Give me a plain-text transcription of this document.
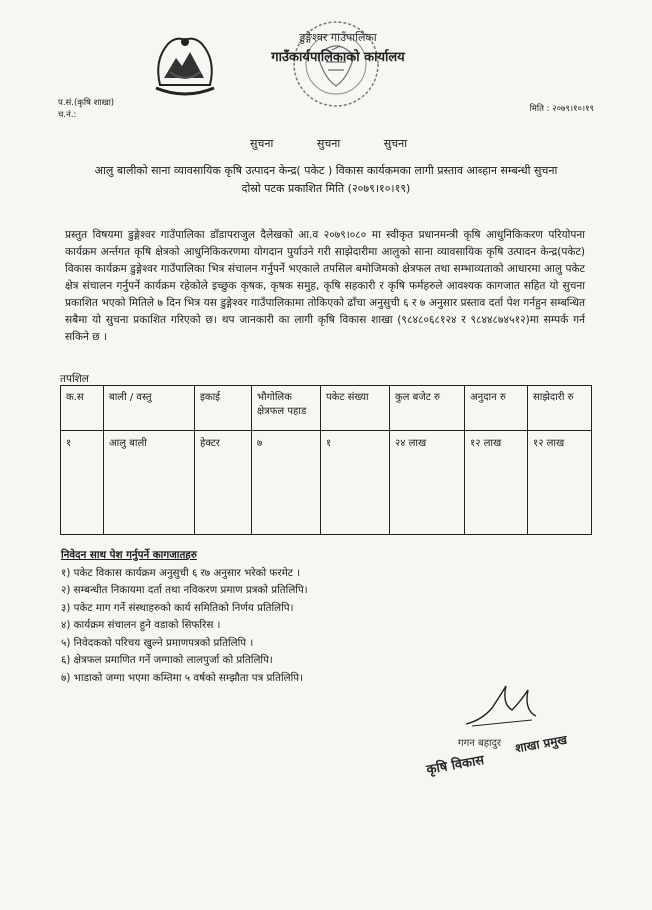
डुङ्गेश्वर गाउँपालिका
गाउँकार्यपालिकाको कार्यालय
प.सं.(कृषि शाखा)
च.नं.:
मिति : २०७९।१०।१९
सुचना	सुचना	सुचना
आलु बालीको साना व्यावसायिक कृषि उत्पादन केन्द्र( पकेट ) विकास कार्यकमका लागी प्रस्ताव आब्हान सम्बन्धी सुचना
दोस्रो पटक प्रकाशित मिति (२०७९।१०।१९)
प्रस्तुत विषयमा डुङ्गेश्वर गाउँपालिका डाँडापराजुल दैलेखको आ.व २०७९।०८० मा स्वीकृत प्रधानमन्त्री कृषि आधुनिकिकरण परियोपना कार्यक्रम अर्न्तगत कृषि क्षेत्रको आधुनिकिकरणमा योगदान पुर्याउने गरी साझेदारीमा आलुको साना व्यावसायिक कृषि उत्पादन केन्द्र(पकेट) विकास कार्यक्रम डुङ्गेश्वर गाउँपालिका भित्र संचालन गर्नुपर्ने भएकाले तपसिल बमोजिमको क्षेत्रफल तथा सम्भाव्यताको आधारमा आलु पकेट क्षेत्र संचालन गर्नुपर्ने कार्यक्रम रहेकोले इच्छुक कृषक, कृषक समुह, कृषि सहकारी र कृषि फर्महरुले आवश्यक कागजात सहित यो सुचना प्रकाशित भएको मितिले ७ दिन भित्र यस डुङ्गेश्वर गाउँपालिकामा तोकिएको ढाँचा अनुसुची ६ र ७ अनुसार प्रस्ताव दर्ता पेश गर्नहुन सम्बन्धित सबैमा यो सुचना प्रकाशित गरिएको छ। थप जानकारी का लागी कृषि विकास शाखा (९८४८०६८१२४ र ९८४४८७४५१२)मा सम्पर्क गर्न सकिने छ ।
तपशिल
क.स	बाली / वस्तु	इकाई	भौगोलिक क्षेत्रफल पहाड	पकेट संख्या	कुल बजेट रु	अनुदान रु	साझेदारी रु
१	आलु बाली	हेक्टर	७	१	२४ लाख	१२ लाख	१२ लाख
निवेदन साथ पेश गर्नुपर्ने कागजातहरु
१) पकेट विकास कार्यक्रम अनुसुची ६ र७ अनुसार भरेको फरमेट ।
२) सम्बन्धीत निकायमा दर्ता तथा नविकरण प्रमाण प्रत्रको प्रतिलिपि।
३) पकेट माग गर्ने संस्थाहरुको कार्य समितिको निर्णय प्रतिलिपि।
४) कार्यक्रम संचालन हुने वडाको सिफरिस ।
५) निवेदकको परिचय खुल्ने प्रमाणपत्रको प्रतिलिपि ।
६) क्षेत्रफल प्रमाणित गर्ने जग्गाको लालपुर्जा को प्रतिलिपि।
७) भाडाको जग्गा भएमा कम्तिमा ५ वर्षको सम्झौता पत्र प्रतिलिपि।
गगन बहादुर
कृषि विकास
शाखा प्रमुख
